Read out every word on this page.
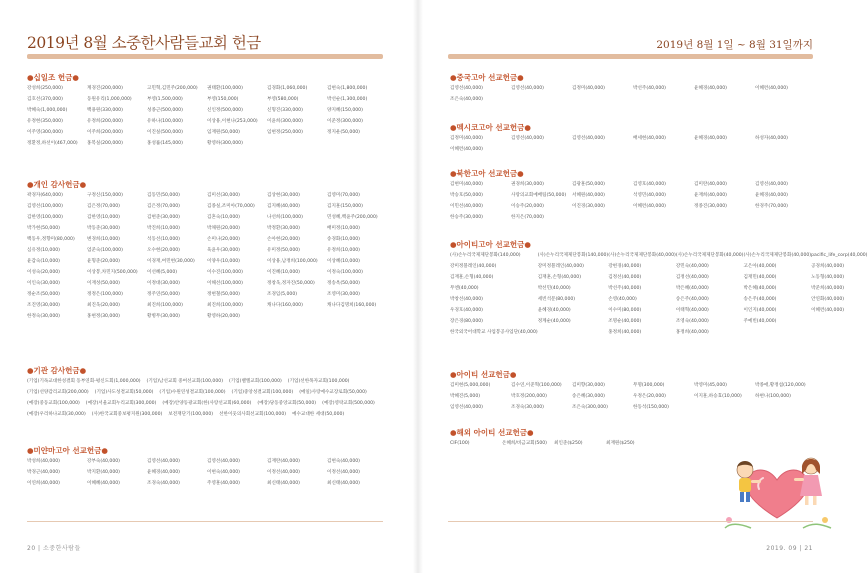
2019년 8월 소중한사람들교회 헌금
●십일조 헌금●
강성희(250,000)	계경진(200,000)	고민혁,김민주(200,000)	권태환(100,000)	김경화(1,060,000)	김현숙(1,800,000)
김호선(370,000)	동원유리(1,000,000)	부영(1,500,000)	부영(150,000)	부영(580,000)	박선순(1,300,000)
박혜숙(1,000,000)	백용원(330,000)	성종근(500,000)	신인정(500,000)	신형진(330,000)	양지혜(150,000)
유정현(350,000)	유정희(200,000)	유하나(100,000)	이상용,이현나(253,000)	이윤희(300,000)	이준정(300,000)
이주영(300,000)	이주희(200,000)	이진실(500,000)	임재원(50,000)	임현정(250,000)	정지운(50,000)
정환정,하선이(467,000)	홍복실(200,000)	홍성률(145,000)	황영하(300,000)
●개인 감사헌금●
곽경자(640,000)	구정신(150,000)	김동민(50,000)	김미선(30,000)	김상현(30,000)	김영미(70,000)
김영선(100,000)	김은정(70,000)	김은정(70,000)	김종실,조미아(70,000)	김지혜(40,000)	김지훈(150,000)
김한영(100,000)	김한영(10,000)	김현준(30,000)	김혼숙(10,000)	나선희(100,000)	민성혜,백윤주(200,000)
박가현(50,000)	박동준(30,000)	박진희(10,000)	박채원(20,000)	박정환(30,000)	배미정(10,000)
백동우,정향미(80,000)	변경희(10,000)	석동선(10,000)	손미나(20,000)	손아현(20,000)	송경화(10,000)
심유정(10,000)	엄준숙(100,000)	오수현(20,000)	육윤우(30,000)	유미정(50,000)	유정희(10,000)
윤갑숙(10,000)	윤형준(20,000)	이경재,여민현(30,000)	이양우(10,000)	이상용,남정희(100,000)	이상혜(10,000)
이성숙(20,000)	이상봉,차민지(500,000)	이선혜(5,000)	이수진(100,000)	이진혜(10,000)	이정숙(100,000)
이인숙(30,000)	이재성(50,000)	이정대(30,000)	이해선(100,000)	정창욱,정자진(50,000)	정송옥(50,000)
정순조(50,000)	정정은(100,000)	정주연(50,000)	정현철(50,000)	조경임(5,000)	조영미(30,000)
조진영(30,000)	최진욱(20,000)	최진희(100,000)	최진희(100,000)	캐나다(160,000)	캐나다김명희(160,000)
한정숙(30,000)	홍현정(30,000)	황병무(30,000)	황영하(20,000)
●기관 감사헌금●
(기업)기독교대한성결회 동부연회-평신도회(1,000,000) (기업)남선교회 중여선교회(100,000) (기업)밸엘교회(100,000) (기업)선한목자교회(100,000)
(기업)선양감리교회(200,000) (기업)사도성결교회(50,000) (기업)수원연성결교회(100,000) (기업)중앙성결교회(100,000) (메일)사랑예수교장로회(50,000)
(예장)중동교회(100,000) (예장)서울교회누리교회(300,000) (예장)안양동광교회(한)사랑선교회(60,000) (예장)당동중앙교회(50,000) (예장)영락교회(500,000)
(예장)우리하나교회(30,000) (사)한국교회중보평지원(300,000) 보전재단기(100,000) 선한이웃의사회선교회(100,000) 예수교대한 세대(50,000)
●미얀마고아 선교헌금●
박성희(40,000)	강부숙(40,000)	김영선(40,000)	김영선(40,000)	김재란(40,000)	김현숙(40,000)
박경근(40,000)	박지환(40,000)	윤혜경(40,000)	이현숙(40,000)	이정선(40,000)	이정선(40,000)
이연희(40,000)	이혜혜(40,000)	조경숙(40,000)	주영훈(40,000)	최신태(40,000)	최신태(40,000)
20 | 소중한사람들
2019년 8월 1일 ~ 8월 31일까지
●중국고아 선교헌금●
김영선(40,000)	김영선(40,000)	김정미(40,000)	박선주(40,000)	윤혜경(40,000)	이혜련(40,000)
조은숙(40,000)
●멕시코고아 선교헌금●
김정미(40,000)	김영선(40,000)	김영선(40,000)	배세현(40,000)	윤혜경(40,000)	하성자(40,000)
이혜련(40,000)
●북한고아 선교헌금●
김현미(40,000)	권경희(30,000)	김광훈(50,000)	김영호(40,000)	김미란(40,000)	김영선(40,000)
박승호(50,000)	사랑의교회예배팀(50,000)	서혜원(40,000)	석영민(40,000)	윤재희(40,000)	윤혜경(40,000)
이민선(40,000)	이승주(20,000)	이진경(30,000)	이혜련(40,000)	정종진(30,000)	한경주(70,000)
한승주(30,000)	한지은(70,000)
●아이티고아 선교헌금●
(사)손누리국제제단봉화(140,000)	(사)손누리국제제단봉화(140,000) (사)손누리국제제단봉화(40,000) (사)손누리국제제단봉화(40,000) (사)손누리국제제단봉화(40,000) pacific_life_corp(40,000)
강미정블레인(40,000)	강미정블레인(40,000)	강현경(40,000)	강민숙(40,000)	고은아(40,000)	공경희(40,000)
김재훈,손형(40,000)	김재훈,손형(40,000)	김정선(40,000)	김정선(40,000)	김재민(40,000)	노동형(40,000)
무엔(40,000)	박선민(40,000)	박선주(40,000)	박은혜(40,000)	박은혜(40,000)	박준희(40,000)
박창선(40,000)	세빈석문(80,000)	손영(40,000)	송은주(40,000)	송은주(40,000)	안연화(40,000)
우경호(40,000)	윤혜경(40,000)	이수미(80,000)	이태혁(40,000)	이인지(40,000)	이혜련(40,000)
장은경(80,000)	정계순(40,000)	조명순(40,000)	조영숙(40,000)	주예빈(40,000)
한국외국어대학교 사업봉공사업단(40,000)	홍정희(40,000)	홍정희(40,000)
●아이티 선교헌금●
김미현(5,000,000)	김수연,이준혁(100,000)	김미향(30,000)	무명(300,000)	박영미(45,000)	박종애,황정섭(120,000)
박혜진(5,000)	박호정(200,000)	송은혜(30,000)	우정은(20,000)	이지훈,하승효(10,000)	하현나(100,000)
임영선(40,000)	조경숙(30,000)	조은숙(300,000)	한동석(150,000)
●해외 아이티 선교헌금●
CIF(100)	온혜희/비금교회(500)	최인준($250)	최재원($250)
2019. 09 | 21
